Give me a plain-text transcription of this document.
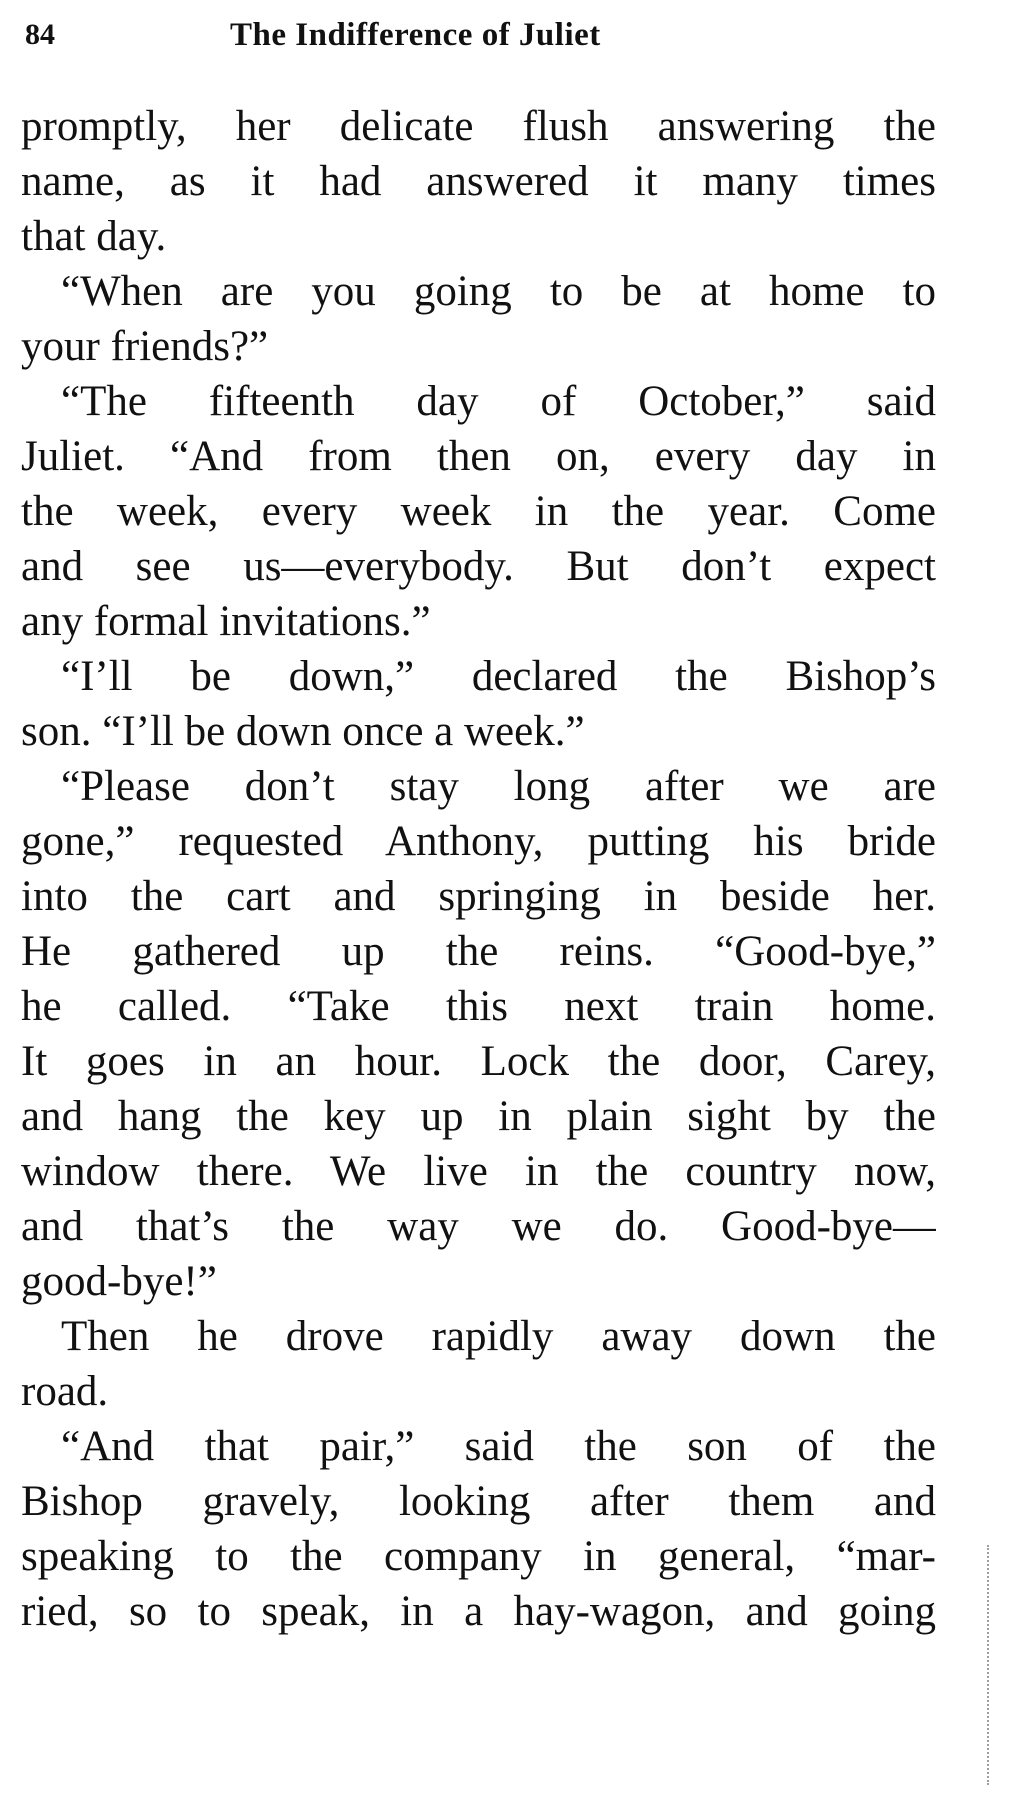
84	The Indifference of Juliet
promptly, her delicate flush answering the
name, as it had answered it many times
that day.
“When are you going to be at home to
your friends?”
“The fifteenth day of October,” said
Juliet. “And from then on, every day in
the week, every week in the year. Come
and see us—everybody. But don’t expect
any formal invitations.”
“I’ll be down,” declared the Bishop’s
son. “I’ll be down once a week.”
“Please don’t stay long after we are
gone,” requested Anthony, putting his bride
into the cart and springing in beside her.
He gathered up the reins. “Good-bye,”
he called. “Take this next train home.
It goes in an hour. Lock the door, Carey,
and hang the key up in plain sight by the
window there. We live in the country now,
and that’s the way we do. Good-bye—
good-bye!”
Then he drove rapidly away down the
road.
“And that pair,” said the son of the
Bishop gravely, looking after them and
speaking to the company in general, “mar-
ried, so to speak, in a hay-wagon, and going
